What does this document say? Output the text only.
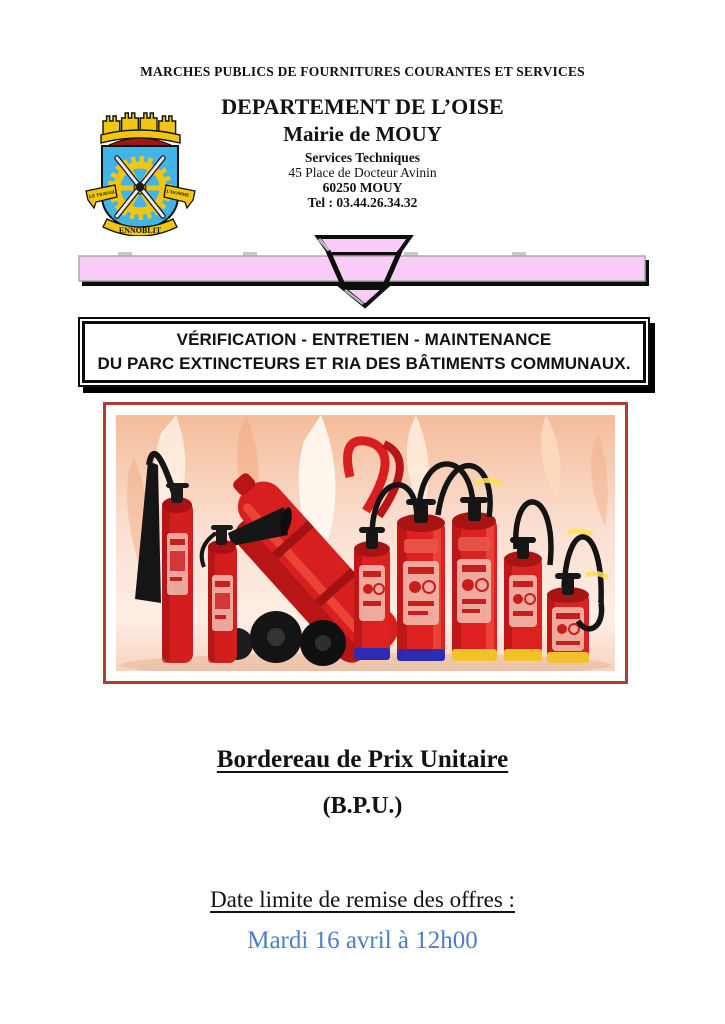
MARCHES PUBLICS DE FOURNITURES COURANTES ET SERVICES
LE TRAVAIL	L’HOMME
ENNOBLIT
DEPARTEMENT DE L’OISE
Mairie de MOUY
Services Techniques
45 Place de Docteur Avinin
60250 MOUY
Tel : 03.44.26.34.32
VÉRIFICATION - ENTRETIEN - MAINTENANCE
DU PARC EXTINCTEURS ET RIA DES BÂTIMENTS COMMUNAUX.
Bordereau de Prix Unitaire
(B.P.U.)
Date limite de remise des offres :
Mardi 16 avril à 12h00
